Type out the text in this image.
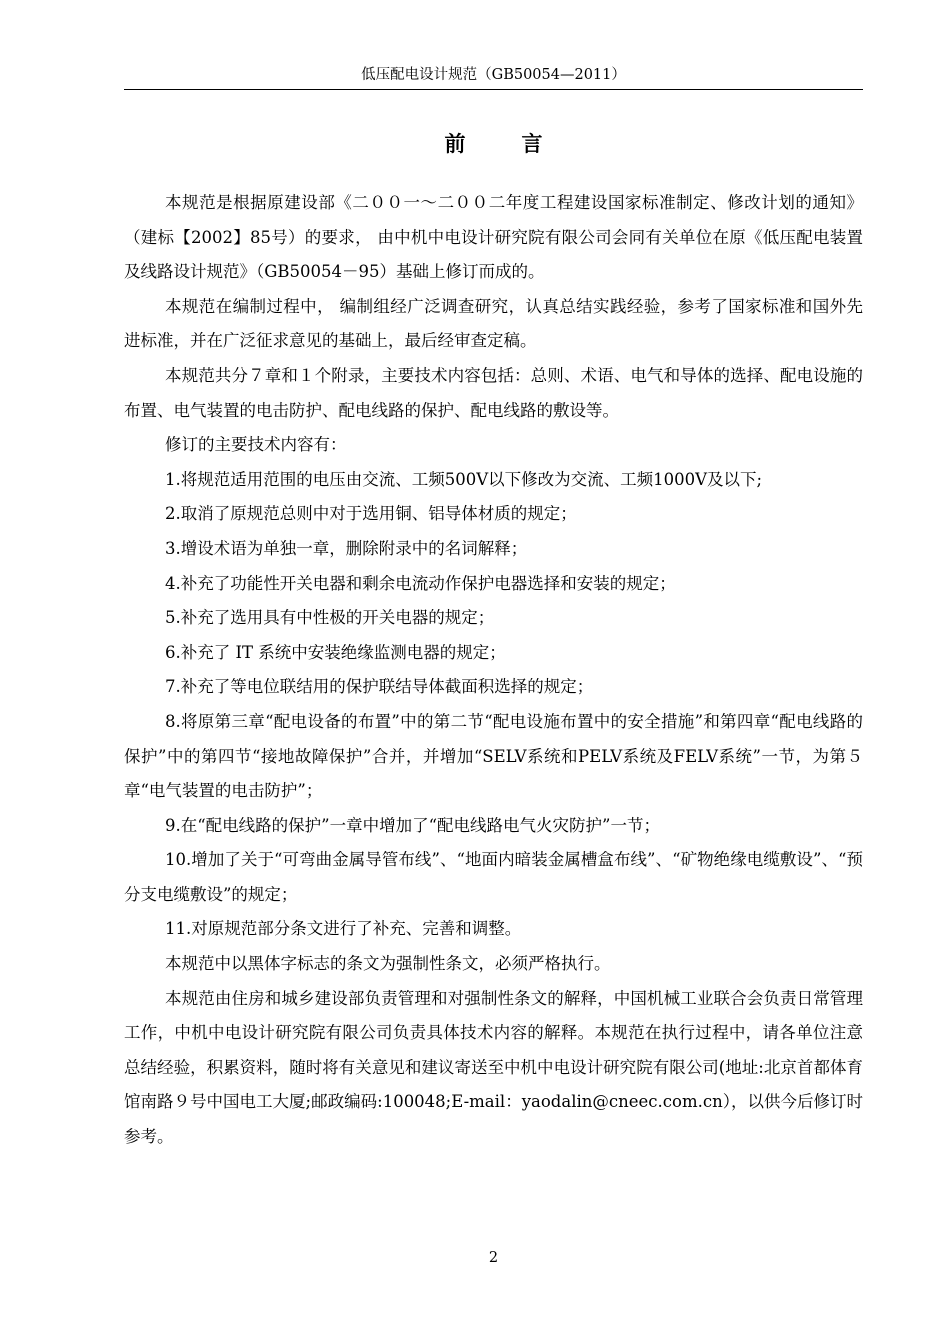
低压配电设计规范（GB50054—2011）
前言

本规范是根据原建设部《二００一～二００二年度工程建设国家标准制定、修改计划的通知》（建标【2002】85号）的要求， 由中机中电设计研究院有限公司会同有关单位在原《低压配电装置及线路设计规范》（GB50054－95）基础上修订而成的。

本规范在编制过程中， 编制组经广泛调查研究，认真总结实践经验，参考了国家标准和国外先进标准，并在广泛征求意见的基础上，最后经审查定稿。

本规范共分７章和１个附录，主要技术内容包括：总则、术语、电气和导体的选择、配电设施的布置、电气装置的电击防护、配电线路的保护、配电线路的敷设等。

修订的主要技术内容有：

1.将规范适用范围的电压由交流、工频500V以下修改为交流、工频1000V及以下;

2.取消了原规范总则中对于选用铜、铝导体材质的规定；

3.增设术语为单独一章，删除附录中的名词解释；

4.补充了功能性开关电器和剩余电流动作保护电器选择和安装的规定；

5.补充了选用具有中性极的开关电器的规定；

6.补充了 IT 系统中安装绝缘监测电器的规定；

7.补充了等电位联结用的保护联结导体截面积选择的规定；

8.将原第三章“配电设备的布置”中的第二节“配电设施布置中的安全措施”和第四章“配电线路的保护”中的第四节“接地故障保护”合并，并增加“SELV系统和PELV系统及FELV系统”一节，为第５章“电气装置的电击防护”；

9.在“配电线路的保护”一章中增加了“配电线路电气火灾防护”一节；

10.增加了关于“可弯曲金属导管布线”、“地面内暗装金属槽盒布线”、“矿物绝缘电缆敷设”、“预分支电缆敷设”的规定；

11.对原规范部分条文进行了补充、完善和调整。

本规范中以黑体字标志的条文为强制性条文，必须严格执行。

本规范由住房和城乡建设部负责管理和对强制性条文的解释，中国机械工业联合会负责日常管理工作，中机中电设计研究院有限公司负责具体技术内容的解释。本规范在执行过程中，请各单位注意总结经验，积累资料，随时将有关意见和建议寄送至中机中电设计研究院有限公司(地址:北京首都体育馆南路９号中国电工大厦;邮政编码:100048;E-mail：yaodalin@cneec.com.cn），以供今后修订时参考。

2
